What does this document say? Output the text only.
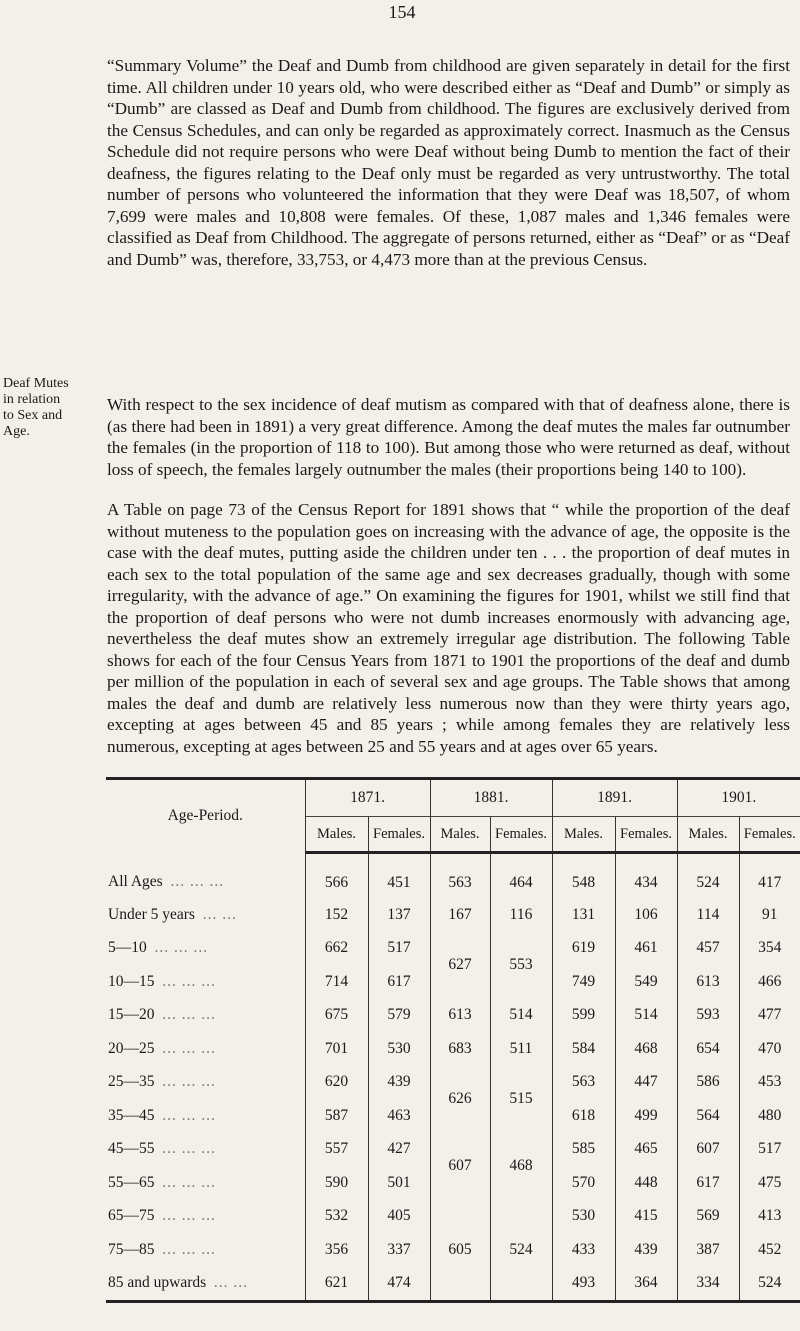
154
Deaf Mutes
in relation
to Sex and
Age.

“Summary Volume” the Deaf and Dumb from childhood are given separately in detail for the first time. All children under 10 years old, who were described either as “Deaf and Dumb” or simply as “Dumb” are classed as Deaf and Dumb from childhood. The figures are exclusively derived from the Census Schedules, and can only be regarded as approximately correct. Inasmuch as the Census Schedule did not require persons who were Deaf without being Dumb to mention the fact of their deafness, the figures relating to the Deaf only must be regarded as very untrustworthy. The total number of persons who volunteered the information that they were Deaf was 18,507, of whom 7,699 were males and 10,808 were females. Of these, 1,087 males and 1,346 females were classified as Deaf from Childhood. The aggregate of persons returned, either as “Deaf” or as “Deaf and Dumb” was, therefore, 33,753, or 4,473 more than at the previous Census.

With respect to the sex incidence of deaf mutism as compared with that of deafness alone, there is (as there had been in 1891) a very great difference. Among the deaf mutes the males far outnumber the females (in the proportion of 118 to 100). But among those who were returned as deaf, without loss of speech, the females largely outnumber the males (their proportions being 140 to 100).

A Table on page 73 of the Census Report for 1891 shows that “ while the proportion of the deaf without muteness to the population goes on increasing with the advance of age, the opposite is the case with the deaf mutes, putting aside the children under ten . . . the proportion of deaf mutes in each sex to the total population of the same age and sex decreases gradually, though with some irregularity, with the advance of age.” On examining the figures for 1901, whilst we still find that the proportion of deaf persons who were not dumb increases enormously with advancing age, nevertheless the deaf mutes show an extremely irregular age distribution. The following Table shows for each of the four Census Years from 1871 to 1901 the proportions of the deaf and dumb per million of the population in each of several sex and age groups. The Table shows that among males the deaf and dumb are relatively less numerous now than they were thirty years ago, excepting at ages between 45 and 85 years ; while among females they are relatively less numerous, excepting at ages between 25 and 55 years and at ages over 65 years.

Age-Period.	1871.		1881.		1891.		1901.	
	Males.	Females.	Males.	Females.	Males.	Females.	Males.	Females.
All Ages ... ... ...	566	451	563	464	548	434	524	417
Under 5 years ... ...	152	137	167	116	131	106	114	91
5—10 ... ... ...	662	517	627	553	619	461	457	354
10—15 ... ... ...	714	617			749	549	613	466
15—20 ... ... ...	675	579	613	514	599	514	593	477
20—25 ... ... ...	701	530	683	511	584	468	654	470
25—35 ... ... ...	620	439	626	515	563	447	586	453
35—45 ... ... ...	587	463			618	499	564	480
45—55 ... ... ...	557	427	607	468	585	465	607	517
55—65 ... ... ...	590	501			570	448	617	475
65—75 ... ... ...	532	405			530	415	569	413
75—85 ... ... ...	356	337	605	524	433	439	387	452
85 and upwards ... ...	621	474			493	364	334	524
